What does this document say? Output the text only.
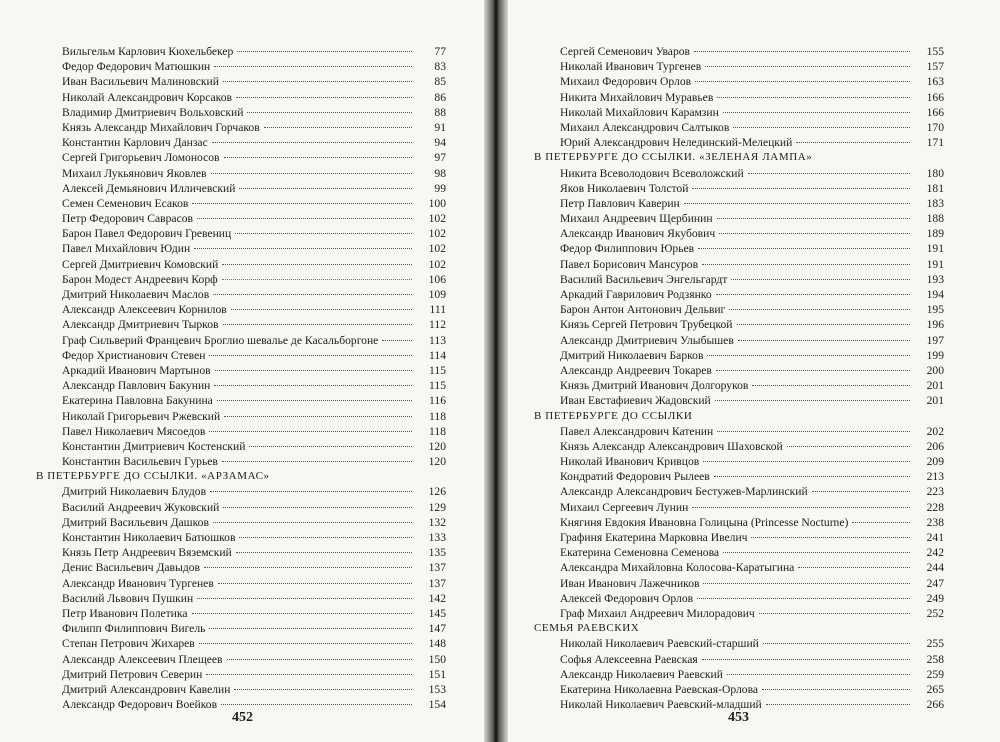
Вильгельм Карлович Кюхельбекер	77
Федор Федорович Матюшкин	83
Иван Васильевич Малиновский	85
Николай Александрович Корсаков	86
Владимир Дмитриевич Вольховский	88
Князь Александр Михайлович Горчаков	91
Константин Карлович Данзас	94
Сергей Григорьевич Ломоносов	97
Михаил Лукьянович Яковлев	98
Алексей Демьянович Илличевский	99
Семен Семенович Есаков	100
Петр Федорович Саврасов	102
Барон Павел Федорович Гревениц	102
Павел Михайлович Юдин	102
Сергей Дмитриевич Комовский	102
Барон Модест Андреевич Корф	106
Дмитрий Николаевич Маслов	109
Александр Алексеевич Корнилов	111
Александр Дмитриевич Тырков	112
Граф Сильверий Францевич Броглио шевалье де Касальборгоне	113
Федор Христианович Стевен	114
Аркадий Иванович Мартынов	115
Александр Павлович Бакунин	115
Екатерина Павловна Бакунина	116
Николай Григорьевич Ржевский	118
Павел Николаевич Мясоедов	118
Константин Дмитриевич Костенский	120
Константин Васильевич Гурьев	120
В ПЕТЕРБУРГЕ ДО ССЫЛКИ. «АРЗАМАС»
Дмитрий Николаевич Блудов	126
Василий Андреевич Жуковский	129
Дмитрий Васильевич Дашков	132
Константин Николаевич Батюшков	133
Князь Петр Андреевич Вяземский	135
Денис Васильевич Давыдов	137
Александр Иванович Тургенев	137
Василий Львович Пушкин	142
Петр Иванович Полетика	145
Филипп Филиппович Вигель	147
Степан Петрович Жихарев	148
Александр Алексеевич Плещеев	150
Дмитрий Петрович Северин	151
Дмитрий Александрович Кавелин	153
Александр Федорович Воейков	154
452
Сергей Семенович Уваров	155
Николай Иванович Тургенев	157
Михаил Федорович Орлов	163
Никита Михайлович Муравьев	166
Николай Михайлович Карамзин	166
Михаил Александрович Салтыков	170
Юрий Александрович Нелединский-Мелецкий	171
В ПЕТЕРБУРГЕ ДО ССЫЛКИ. «ЗЕЛЕНАЯ ЛАМПА»
Никита Всеволодович Всеволожский	180
Яков Николаевич Толстой	181
Петр Павлович Каверин	183
Михаил Андреевич Щербинин	188
Александр Иванович Якубович	189
Федор Филиппович Юрьев	191
Павел Борисович Мансуров	191
Василий Васильевич Энгельгардт	193
Аркадий Гаврилович Родзянко	194
Барон Антон Антонович Дельвиг	195
Князь Сергей Петрович Трубецкой	196
Александр Дмитриевич Улыбышев	197
Дмитрий Николаевич Барков	199
Александр Андреевич Токарев	200
Князь Дмитрий Иванович Долгоруков	201
Иван Евстафиевич Жадовский	201
В ПЕТЕРБУРГЕ ДО ССЫЛКИ
Павел Александрович Катенин	202
Князь Александр Александрович Шаховской	206
Николай Иванович Кривцов	209
Кондратий Федорович Рылеев	213
Александр Александрович Бестужев-Марлинский	223
Михаил Сергеевич Лунин	228
Княгиня Евдокия Ивановна Голицына (Princesse Nocturne)	238
Графиня Екатерина Марковна Ивелич	241
Екатерина Семеновна Семенова	242
Александра Михайловна Колосова-Каратыгина	244
Иван Иванович Лажечников	247
Алексей Федорович Орлов	249
Граф Михаил Андреевич Милорадович	252
СЕМЬЯ РАЕВСКИХ
Николай Николаевич Раевский-старший	255
Софья Алексеевна Раевская	258
Александр Николаевич Раевский	259
Екатерина Николаевна Раевская-Орлова	265
Николай Николаевич Раевский-младший	266
453
